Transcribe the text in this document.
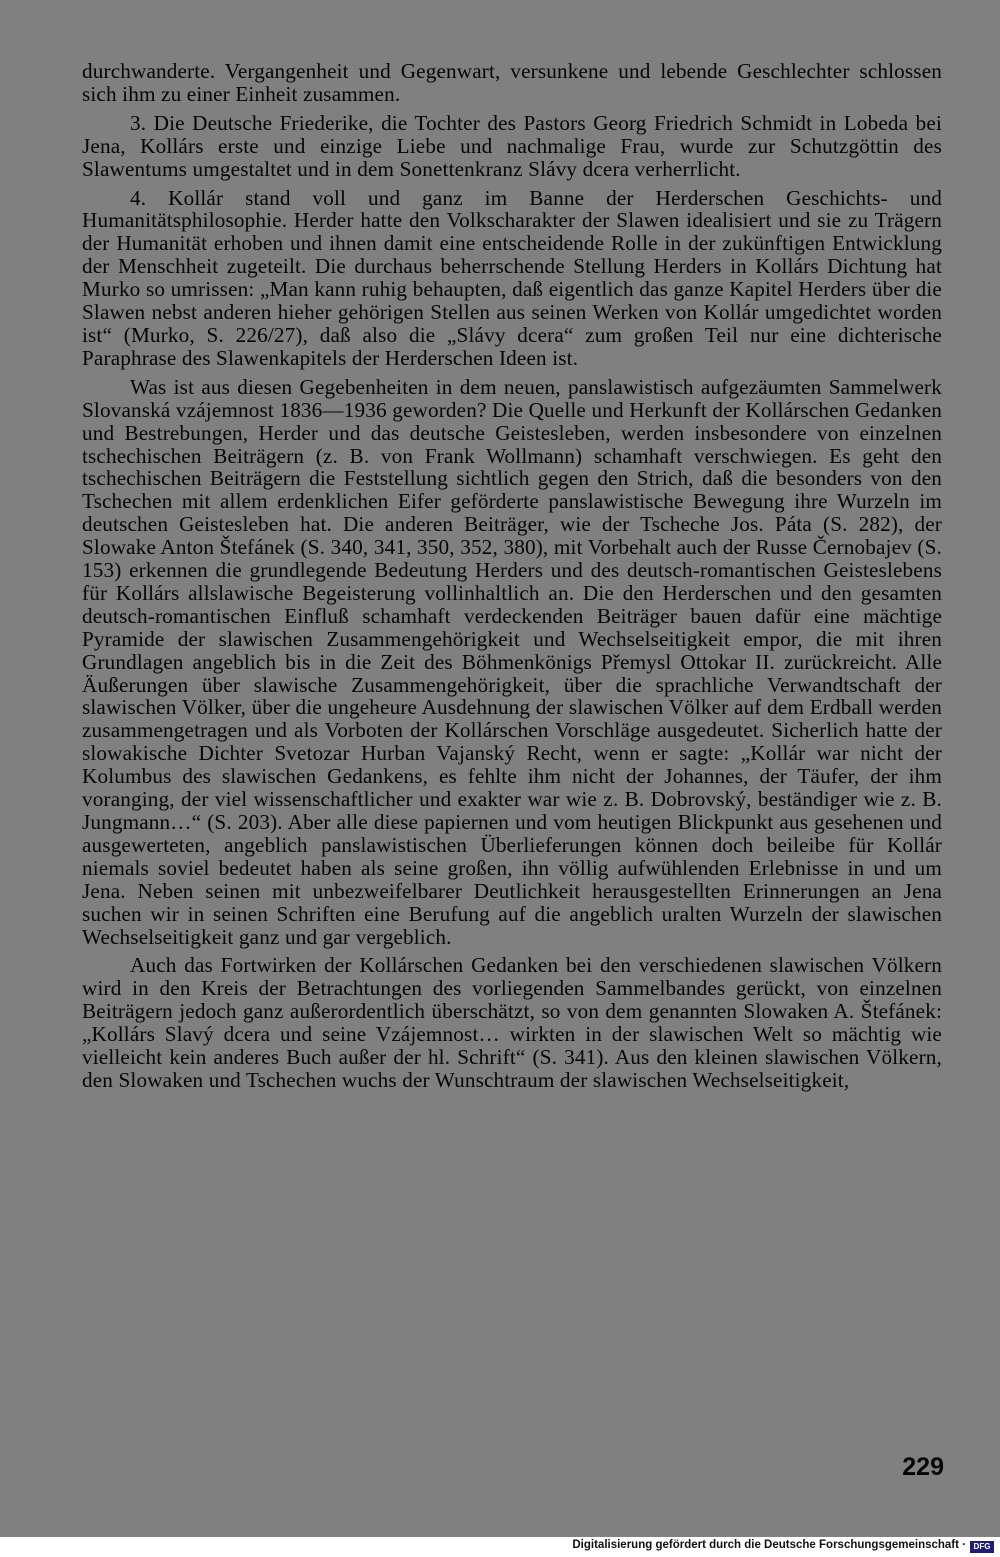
durchwanderte. Vergangenheit und Gegenwart, versunkene und lebende Geschlechter schlossen sich ihm zu einer Einheit zusammen.

3. Die Deutsche Friederike, die Tochter des Pastors Georg Friedrich Schmidt in Lobeda bei Jena, Kollárs erste und einzige Liebe und nachmalige Frau, wurde zur Schutzgöttin des Slawentums umgestaltet und in dem Sonettenkranz Slávy dcera verherrlicht.

4. Kollár stand voll und ganz im Banne der Herderschen Geschichts- und Humanitätsphilosophie. Herder hatte den Volkscharakter der Slawen idealisiert und sie zu Trägern der Humanität erhoben und ihnen damit eine entscheidende Rolle in der zukünftigen Entwicklung der Menschheit zugeteilt. Die durchaus beherrschende Stellung Herders in Kollárs Dichtung hat Murko so umrissen: „Man kann ruhig behaupten, daß eigentlich das ganze Kapitel Herders über die Slawen nebst anderen hieher gehörigen Stellen aus seinen Werken von Kollár umgedichtet worden ist“ (Murko, S. 226/27), daß also die „Slávy dcera“ zum großen Teil nur eine dichterische Paraphrase des Slawenkapitels der Herderschen Ideen ist.

Was ist aus diesen Gegebenheiten in dem neuen, panslawistisch aufgezäumten Sammelwerk Slovanská vzájemnost 1836—1936 geworden? Die Quelle und Herkunft der Kollárschen Gedanken und Bestrebungen, Herder und das deutsche Geistesleben, werden insbesondere von einzelnen tschechischen Beiträgern (z. B. von Frank Wollmann) schamhaft verschwiegen. Es geht den tschechischen Beiträgern die Feststellung sichtlich gegen den Strich, daß die besonders von den Tschechen mit allem erdenklichen Eifer geförderte panslawistische Bewegung ihre Wurzeln im deutschen Geistesleben hat. Die anderen Beiträger, wie der Tscheche Jos. Páta (S. 282), der Slowake Anton Štefánek (S. 340, 341, 350, 352, 380), mit Vorbehalt auch der Russe Černobajev (S. 153) erkennen die grundlegende Bedeutung Herders und des deutsch-romantischen Geisteslebens für Kollárs allslawische Begeisterung vollinhaltlich an. Die den Herderschen und den gesamten deutsch-romantischen Einfluß schamhaft verdeckenden Beiträger bauen dafür eine mächtige Pyramide der slawischen Zusammengehörigkeit und Wechselseitigkeit empor, die mit ihren Grundlagen angeblich bis in die Zeit des Böhmenkönigs Přemysl Ottokar II. zurückreicht. Alle Äußerungen über slawische Zusammengehörigkeit, über die sprachliche Verwandtschaft der slawischen Völker, über die ungeheure Ausdehnung der slawischen Völker auf dem Erdball werden zusammengetragen und als Vorboten der Kollárschen Vorschläge ausgedeutet. Sicherlich hatte der slowakische Dichter Svetozar Hurban Vajanský Recht, wenn er sagte: „Kollár war nicht der Kolumbus des slawischen Gedankens, es fehlte ihm nicht der Johannes, der Täufer, der ihm voranging, der viel wissenschaftlicher und exakter war wie z. B. Dobrovský, beständiger wie z. B. Jungmann…“ (S. 203). Aber alle diese papiernen und vom heutigen Blickpunkt aus gesehenen und ausgewerteten, angeblich panslawistischen Überlieferungen können doch beileibe für Kollár niemals soviel bedeutet haben als seine großen, ihn völlig aufwühlenden Erlebnisse in und um Jena. Neben seinen mit unbezweifelbarer Deutlichkeit herausgestellten Erinnerungen an Jena suchen wir in seinen Schriften eine Berufung auf die angeblich uralten Wurzeln der slawischen Wechselseitigkeit ganz und gar vergeblich.

Auch das Fortwirken der Kollárschen Gedanken bei den verschiedenen slawischen Völkern wird in den Kreis der Betrachtungen des vorliegenden Sammelbandes gerückt, von einzelnen Beiträgern jedoch ganz außerordentlich überschätzt, so von dem genannten Slowaken A. Štefánek: „Kollárs Slavý dcera und seine Vzájemnost… wirkten in der slawischen Welt so mächtig wie vielleicht kein anderes Buch außer der hl. Schrift“ (S. 341). Aus den kleinen slawischen Völkern, den Slowaken und Tschechen wuchs der Wunschtraum der slawischen Wechselseitigkeit,

229
Digitalisierung gefördert durch die Deutsche Forschungsgemeinschaft · DFG
